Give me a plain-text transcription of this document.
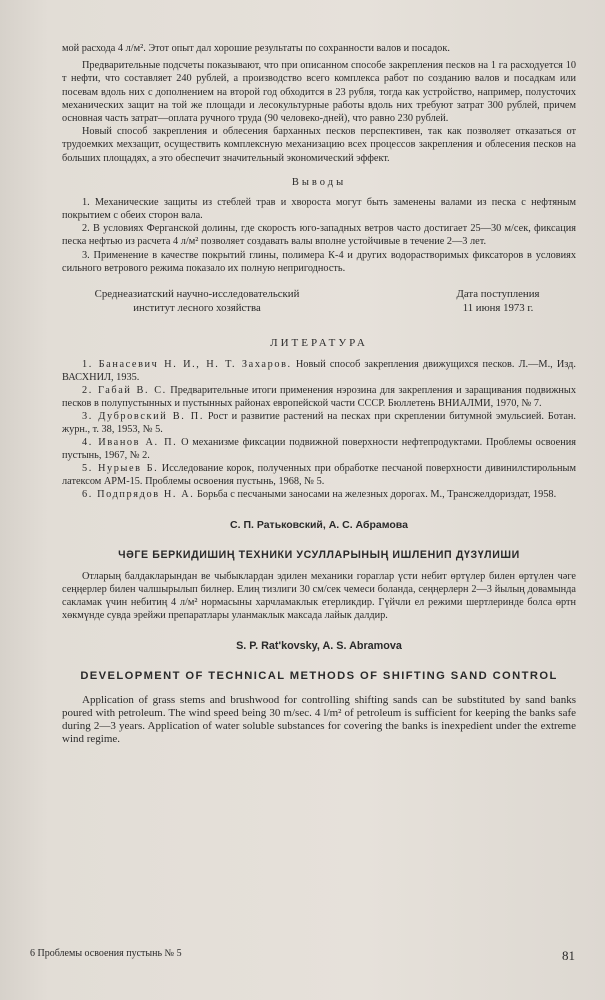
мой расхода 4 л/м². Этот опыт дал хорошие результаты по сохранности валов и посадок.

Предварительные подсчеты показывают, что при описанном способе закрепления песков на 1 га расходуется 10 т нефти, что составляет 240 рублей, а производство всего комплекса работ по созданию валов и посадкам или посевам вдоль них с дополнением на второй год обходится в 23 рубля, тогда как устройство, например, полусточих механических защит на той же площади и лесокультурные работы вдоль них требуют затрат 300 рублей, причем основная часть затрат—оплата ручного труда (90 человеко-дней), что равно 230 рублей.

Новый способ закрепления и облесения барханных песков перспективен, так как позволяет отказаться от трудоемких мехзащит, осуществить комплексную механизацию всех процессов закрепления и облесения песков на больших площадях, а это обеспечит значительный экономический эффект.

Выводы

1. Механические защиты из стеблей трав и хвороста могут быть заменены валами из песка с нефтяным покрытием с обеих сторон вала.

2. В условиях Ферганской долины, где скорость юго-западных ветров часто достигает 25—30 м/сек, фиксация песка нефтью из расчета 4 л/м² позволяет создавать валы вполне устойчивые в течение 2—3 лет.

3. Применение в качестве покрытий глины, полимера К-4 и других водорастворимых фиксаторов в условиях сильного ветрового режима показало их полную непригодность.

Среднеазиатский научно-исследовательский
институт лесного хозяйства
Дата поступления
11 июня 1973 г.
ЛИТЕРАТУРА

1. Банасевич Н. И., Н. Т. Захаров. Новый способ закрепления движущихся песков. Л.—М., Изд. ВАСХНИЛ, 1935.

2. Габай В. С. Предварительные итоги применения нэрозина для закрепления и заращивания подвижных песков в полупустынных и пустынных районах европейской части СССР. Бюллетень ВНИАЛМИ, 1970, № 7.

3. Дубровский В. П. Рост и развитие растений на песках при скреплении битумной эмульсией. Ботан. журн., т. 38, 1953, № 5.

4. Иванов А. П. О механизме фиксации подвижной поверхности нефтепродуктами. Проблемы освоения пустынь, 1967, № 2.

5. Нурыев Б. Исследование корок, полученных при обработке песчаной поверхности дивинилстирольным латексом АРМ-15. Проблемы освоения пустынь, 1968, № 5.

6. Подпрядов Н. А. Борьба с песчаными заносами на железных дорогах. М., Трансжелдориздат, 1958.

С. П. Ратьковский, А. С. Абрамова
ЧӘГЕ БЕРКИДИШИҢ ТЕХНИКИ УСУЛЛАРЫНЫҢ ИШЛЕНИП ДҮЗҮЛИШИ

Отларың балдакларындан ве чыбыклардан эдилен механики гораглар үсти небит өртүлер билен өртүлен чәге сеңңерлер билен чалшырылып билнер. Елиң тизлиги 30 см/сек чемеси боланда, сеңңерлерн 2—3 йылың довамында сакламак үчин небитиң 4 л/м² нормасыны харчламаклык етерликдир. Гүйчли ел режими шертлеринде болса өртн хөкмүнде сувда эрейжи препаратлары уланмаклык максада лайык далдир.

S. P. Rat'kovsky, A. S. Abramova
DEVELOPMENT OF TECHNICAL METHODS OF SHIFTING SAND CONTROL

Application of grass stems and brushwood for controlling shifting sands can be substituted by sand banks poured with petroleum. The wind speed being 30 m/sec. 4 l/m² of petroleum is sufficient for keeping the banks safe during 2—3 years. Application of water soluble substances for covering the banks is inexpedient under the extreme wind regime.

6 Проблемы освоения пустынь № 5	81
